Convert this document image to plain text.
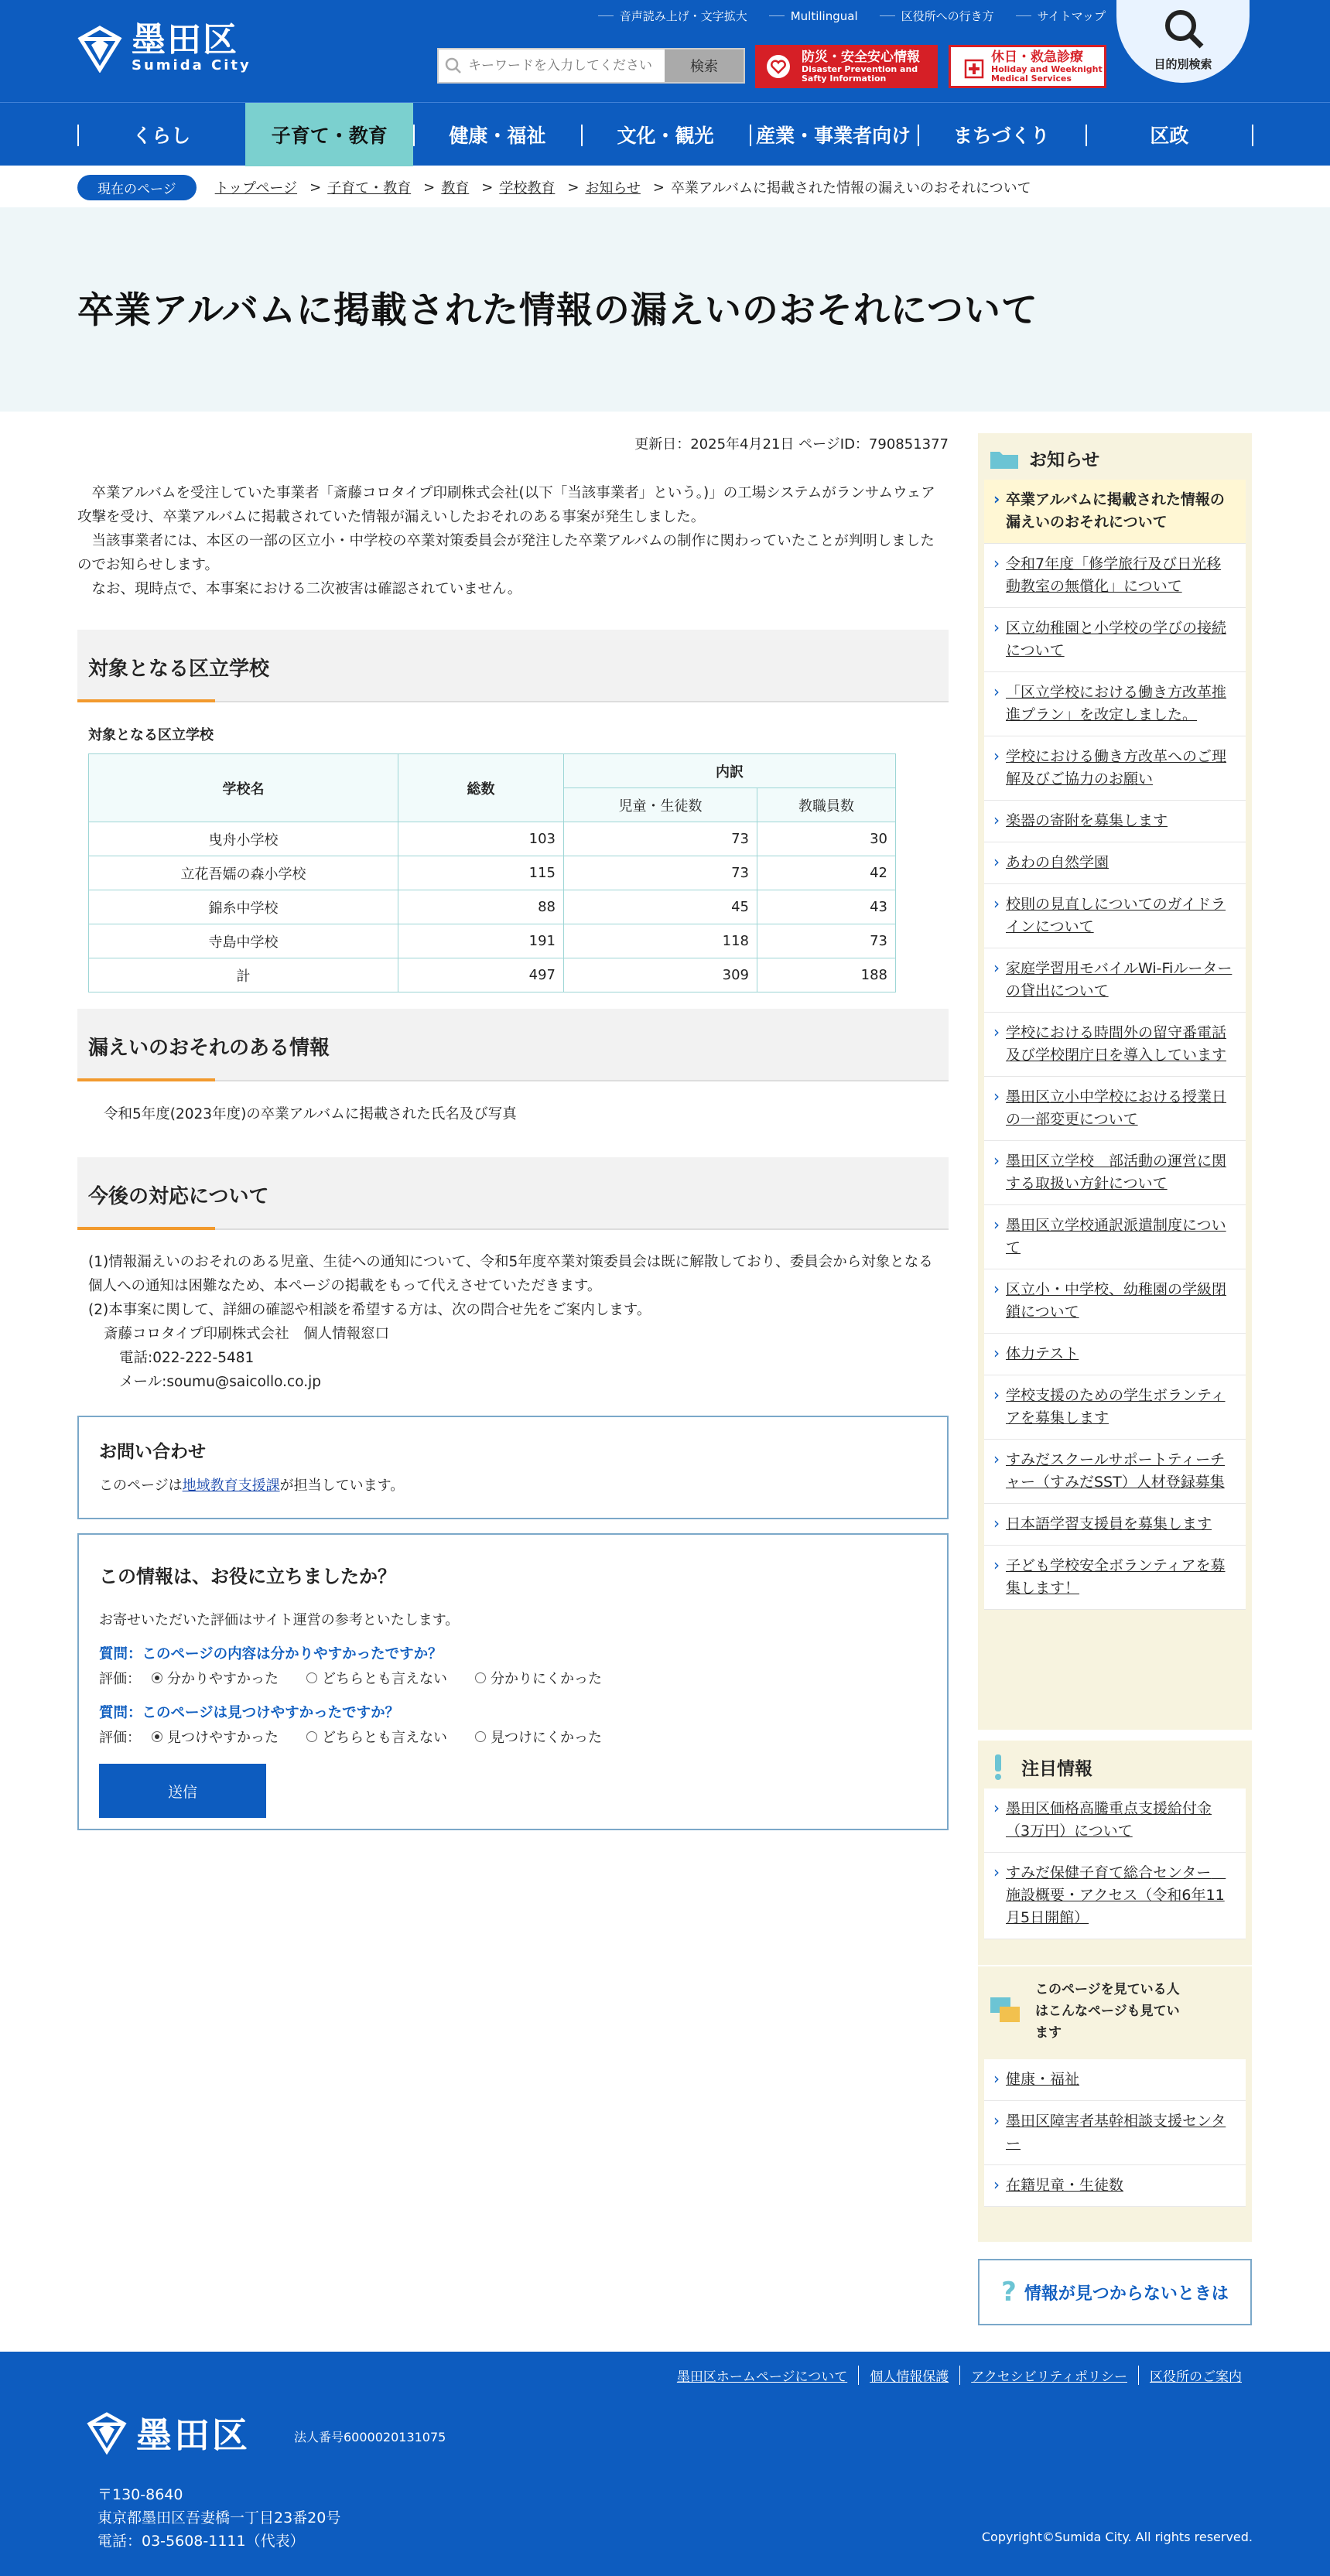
墨田区
Sumida City
音声読み上げ・文字拡大	Multilingual	区役所への行き方	サイトマップ
キーワードを入力してください
検索
防災・安全安心情報
Disaster Prevention and
Safty Information
休日・救急診療
Holiday and Weeknight
Medical Services
目的別検索
くらし	子育て・教育	健康・福祉	文化・観光	産業・事業者向け	まちづくり	区政
現在のページ	トップページ > 子育て・教育 > 教育 > 学校教育 > お知らせ > 卒業アルバムに掲載された情報の漏えいのおそれについて
卒業アルバムに掲載された情報の漏えいのおそれについて
更新日：2025年4月21日 ページID：790851377

卒業アルバムを受注していた事業者「斎藤コロタイプ印刷株式会社(以下「当該事業者」という。)」の工場システムがランサムウェア攻撃を受け、卒業アルバムに掲載されていた情報が漏えいしたおそれのある事案が発生しました。

当該事業者には、本区の一部の区立小・中学校の卒業対策委員会が発注した卒業アルバムの制作に関わっていたことが判明しましたのでお知らせします。

なお、現時点で、本事案における二次被害は確認されていません。

対象となる区立学校
対象となる区立学校
学校名	総数	内訳	
		児童・生徒数	教職員数
曳舟小学校	103	73	30
立花吾嬬の森小学校	115	73	42
錦糸中学校	88	45	43
寺島中学校	191	118	73
計	497	309	188
漏えいのおそれのある情報
令和5年度(2023年度)の卒業アルバムに掲載された氏名及び写真
今後の対応について
(1)情報漏えいのおそれのある児童、生徒への通知について、令和5年度卒業対策委員会は既に解散しており、委員会から対象となる個人への通知は困難なため、本ページの掲載をもって代えさせていただきます。
(2)本事案に関して、詳細の確認や相談を希望する方は、次の問合せ先をご案内します。
斎藤コロタイプ印刷株式会社　個人情報窓口
電話:022-222-5481
メール:soumu@saicollo.co.jp
お問い合わせ
このページは地域教育支援課が担当しています。
この情報は、お役に立ちましたか？
お寄せいただいた評価はサイト運営の参考といたします。
質問：このページの内容は分かりやすかったですか？
評価： 分かりやすかった	どちらとも言えない	分かりにくかった
質問：このページは見つけやすかったですか？
評価： 見つけやすかった	どちらとも言えない	見つけにくかった
送信
お知らせ
› 卒業アルバムに掲載された情報の漏えいのおそれについて
› 令和7年度「修学旅行及び日光移動教室の無償化」について
› 区立幼稚園と小学校の学びの接続について
› 「区立学校における働き方改革推進プラン」を改定しました。
› 学校における働き方改革へのご理解及びご協力のお願い
› 楽器の寄附を募集します
› あわの自然学園
› 校則の見直しについてのガイドラインについて
› 家庭学習用モバイルWi-Fiルーターの貸出について
› 学校における時間外の留守番電話及び学校閉庁日を導入しています
› 墨田区立小中学校における授業日の一部変更について
› 墨田区立学校　部活動の運営に関する取扱い方針について
› 墨田区立学校通訳派遣制度について
› 区立小・中学校、幼稚園の学級閉鎖について
› 体力テスト
› 学校支援のための学生ボランティアを募集します
› すみだスクールサポートティーチャー（すみだSST）人材登録募集
› 日本語学習支援員を募集します
› 子ども学校安全ボランティアを募集します！
注目情報
› 墨田区価格高騰重点支援給付金（3万円）について
› すみだ保健子育て総合センター　施設概要・アクセス（令和6年11月5日開館）
このページを見ている人
はこんなページも見てい
ます
› 健康・福祉
› 墨田区障害者基幹相談支援センター
› 在籍児童・生徒数
? 情報が見つからないときは
墨田区ホームページについて	個人情報保護	アクセシビリティポリシー	区役所のご案内
墨田区	法人番号6000020131075
〒130-8640
東京都墨田区吾妻橋一丁目23番20号
電話：03-5608-1111（代表）	Copyright©Sumida City. All rights reserved.
